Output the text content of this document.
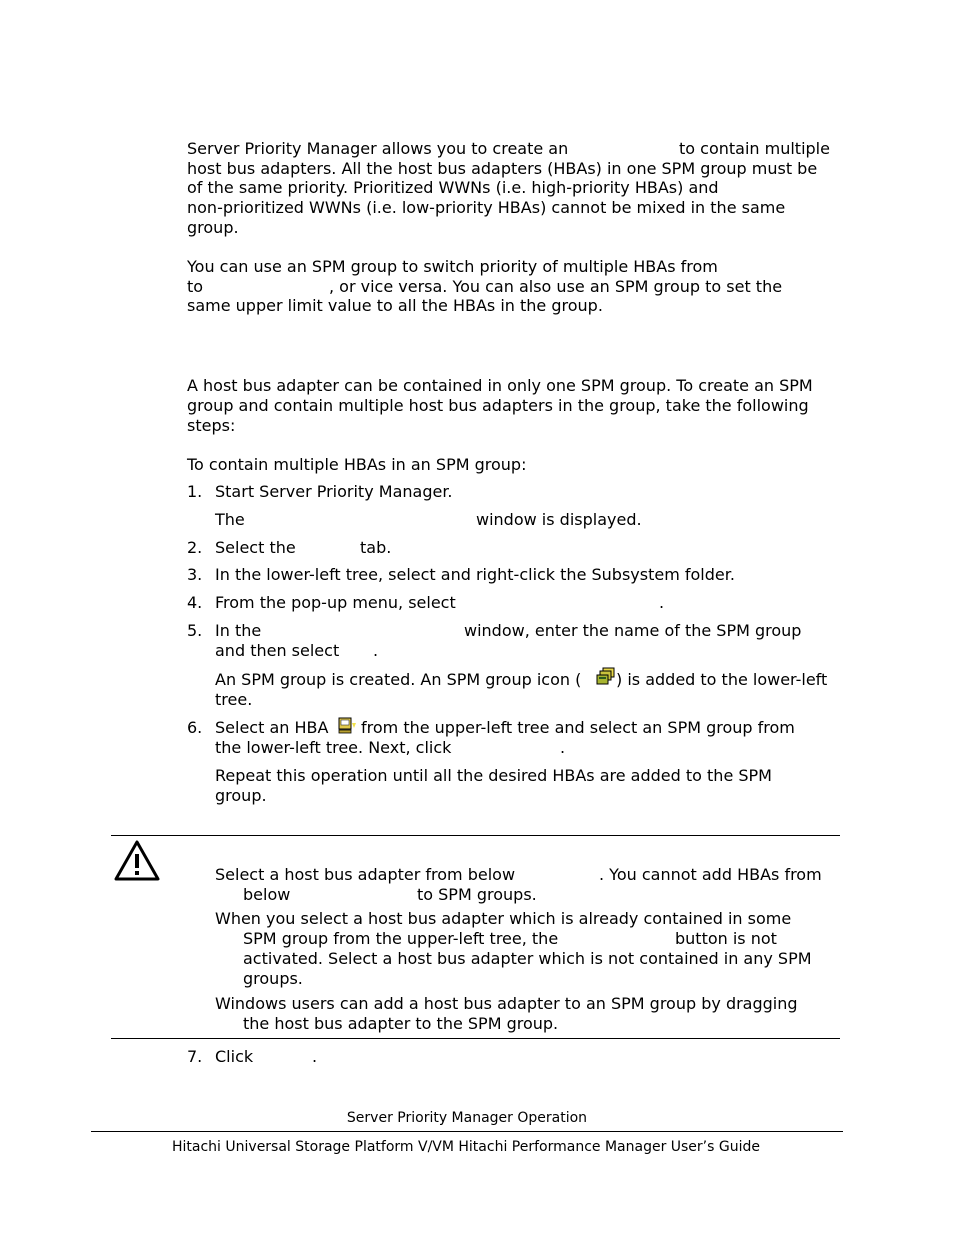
Server Priority Manager allows you to create an	to contain multiple
host bus adapters. All the host bus adapters (HBAs) in one SPM group must be
of the same priority. Prioritized WWNs (i.e. high-priority HBAs) and
non-prioritized WWNs (i.e. low-priority HBAs) cannot be mixed in the same
group.
You can use an SPM group to switch priority of multiple HBAs from
to	, or vice versa. You can also use an SPM group to set the
same upper limit value to all the HBAs in the group.
A host bus adapter can be contained in only one SPM group. To create an SPM
group and contain multiple host bus adapters in the group, take the following
steps:
To contain multiple HBAs in an SPM group:
1. Start Server Priority Manager.
The	window is displayed.
2. Select the	tab.
3. In the lower-left tree, select and right-click the Subsystem folder.
4. From the pop-up menu, select	.
5. In the	window, enter the name of the SPM group
and then select .
An SPM group is created. An SPM group icon ( ) is added to the lower-left
tree.
6. Select an HBA from the upper-left tree and select an SPM group from
the lower-left tree. Next, click	.
Repeat this operation until all the desired HBAs are added to the SPM
group.
Select a host bus adapter from below	. You cannot add HBAs from
below	to SPM groups.
When you select a host bus adapter which is already contained in some
SPM group from the upper-left tree, the	button is not
activated. Select a host bus adapter which is not contained in any SPM
groups.
Windows users can add a host bus adapter to an SPM group by dragging
the host bus adapter to the SPM group.
7. Click	.
Server Priority Manager Operation
Hitachi Universal Storage Platform V/VM Hitachi Performance Manager User’s Guide
